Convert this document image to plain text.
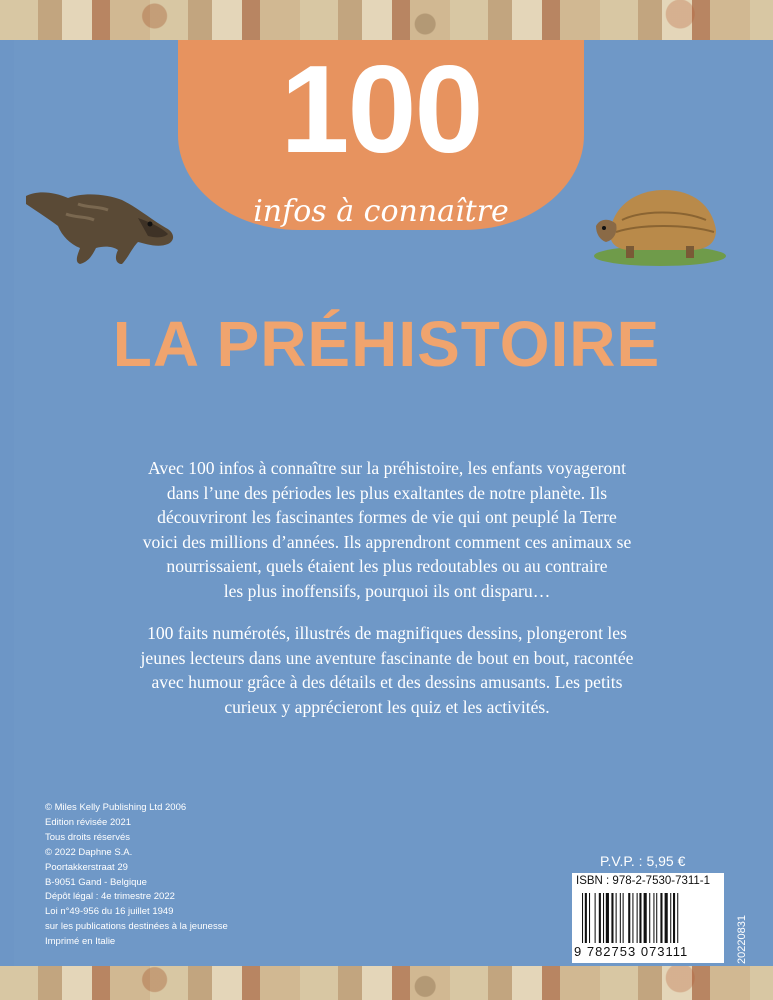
100
infos à connaître
LA PRÉHISTOIRE
Avec 100 infos à connaître sur la préhistoire, les enfants voyageront
dans l’une des périodes les plus exaltantes de notre planète. Ils
découvriront les fascinantes formes de vie qui ont peuplé la Terre
voici des millions d’années. Ils apprendront comment ces animaux se
nourrissaient, quels étaient les plus redoutables ou au contraire
les plus inoffensifs, pourquoi ils ont disparu…
100 faits numérotés, illustrés de magnifiques dessins, plongeront les
jeunes lecteurs dans une aventure fascinante de bout en bout, racontée
avec humour grâce à des détails et des dessins amusants. Les petits
curieux y apprécieront les quiz et les activités.
© Miles Kelly Publishing Ltd 2006
Edition révisée 2021
Tous droits réservés
© 2022 Daphne S.A.
Poortakkerstraat 29
B-9051 Gand - Belgique
Dépôt légal : 4e trimestre 2022
Loi n°49-956 du 16 juillet 1949
sur les publications destinées à la jeunesse
Imprimé en Italie
P.V.P. : 5,95 €
ISBN : 978-2-7530-7311-1
9 782753 073111	20220831
